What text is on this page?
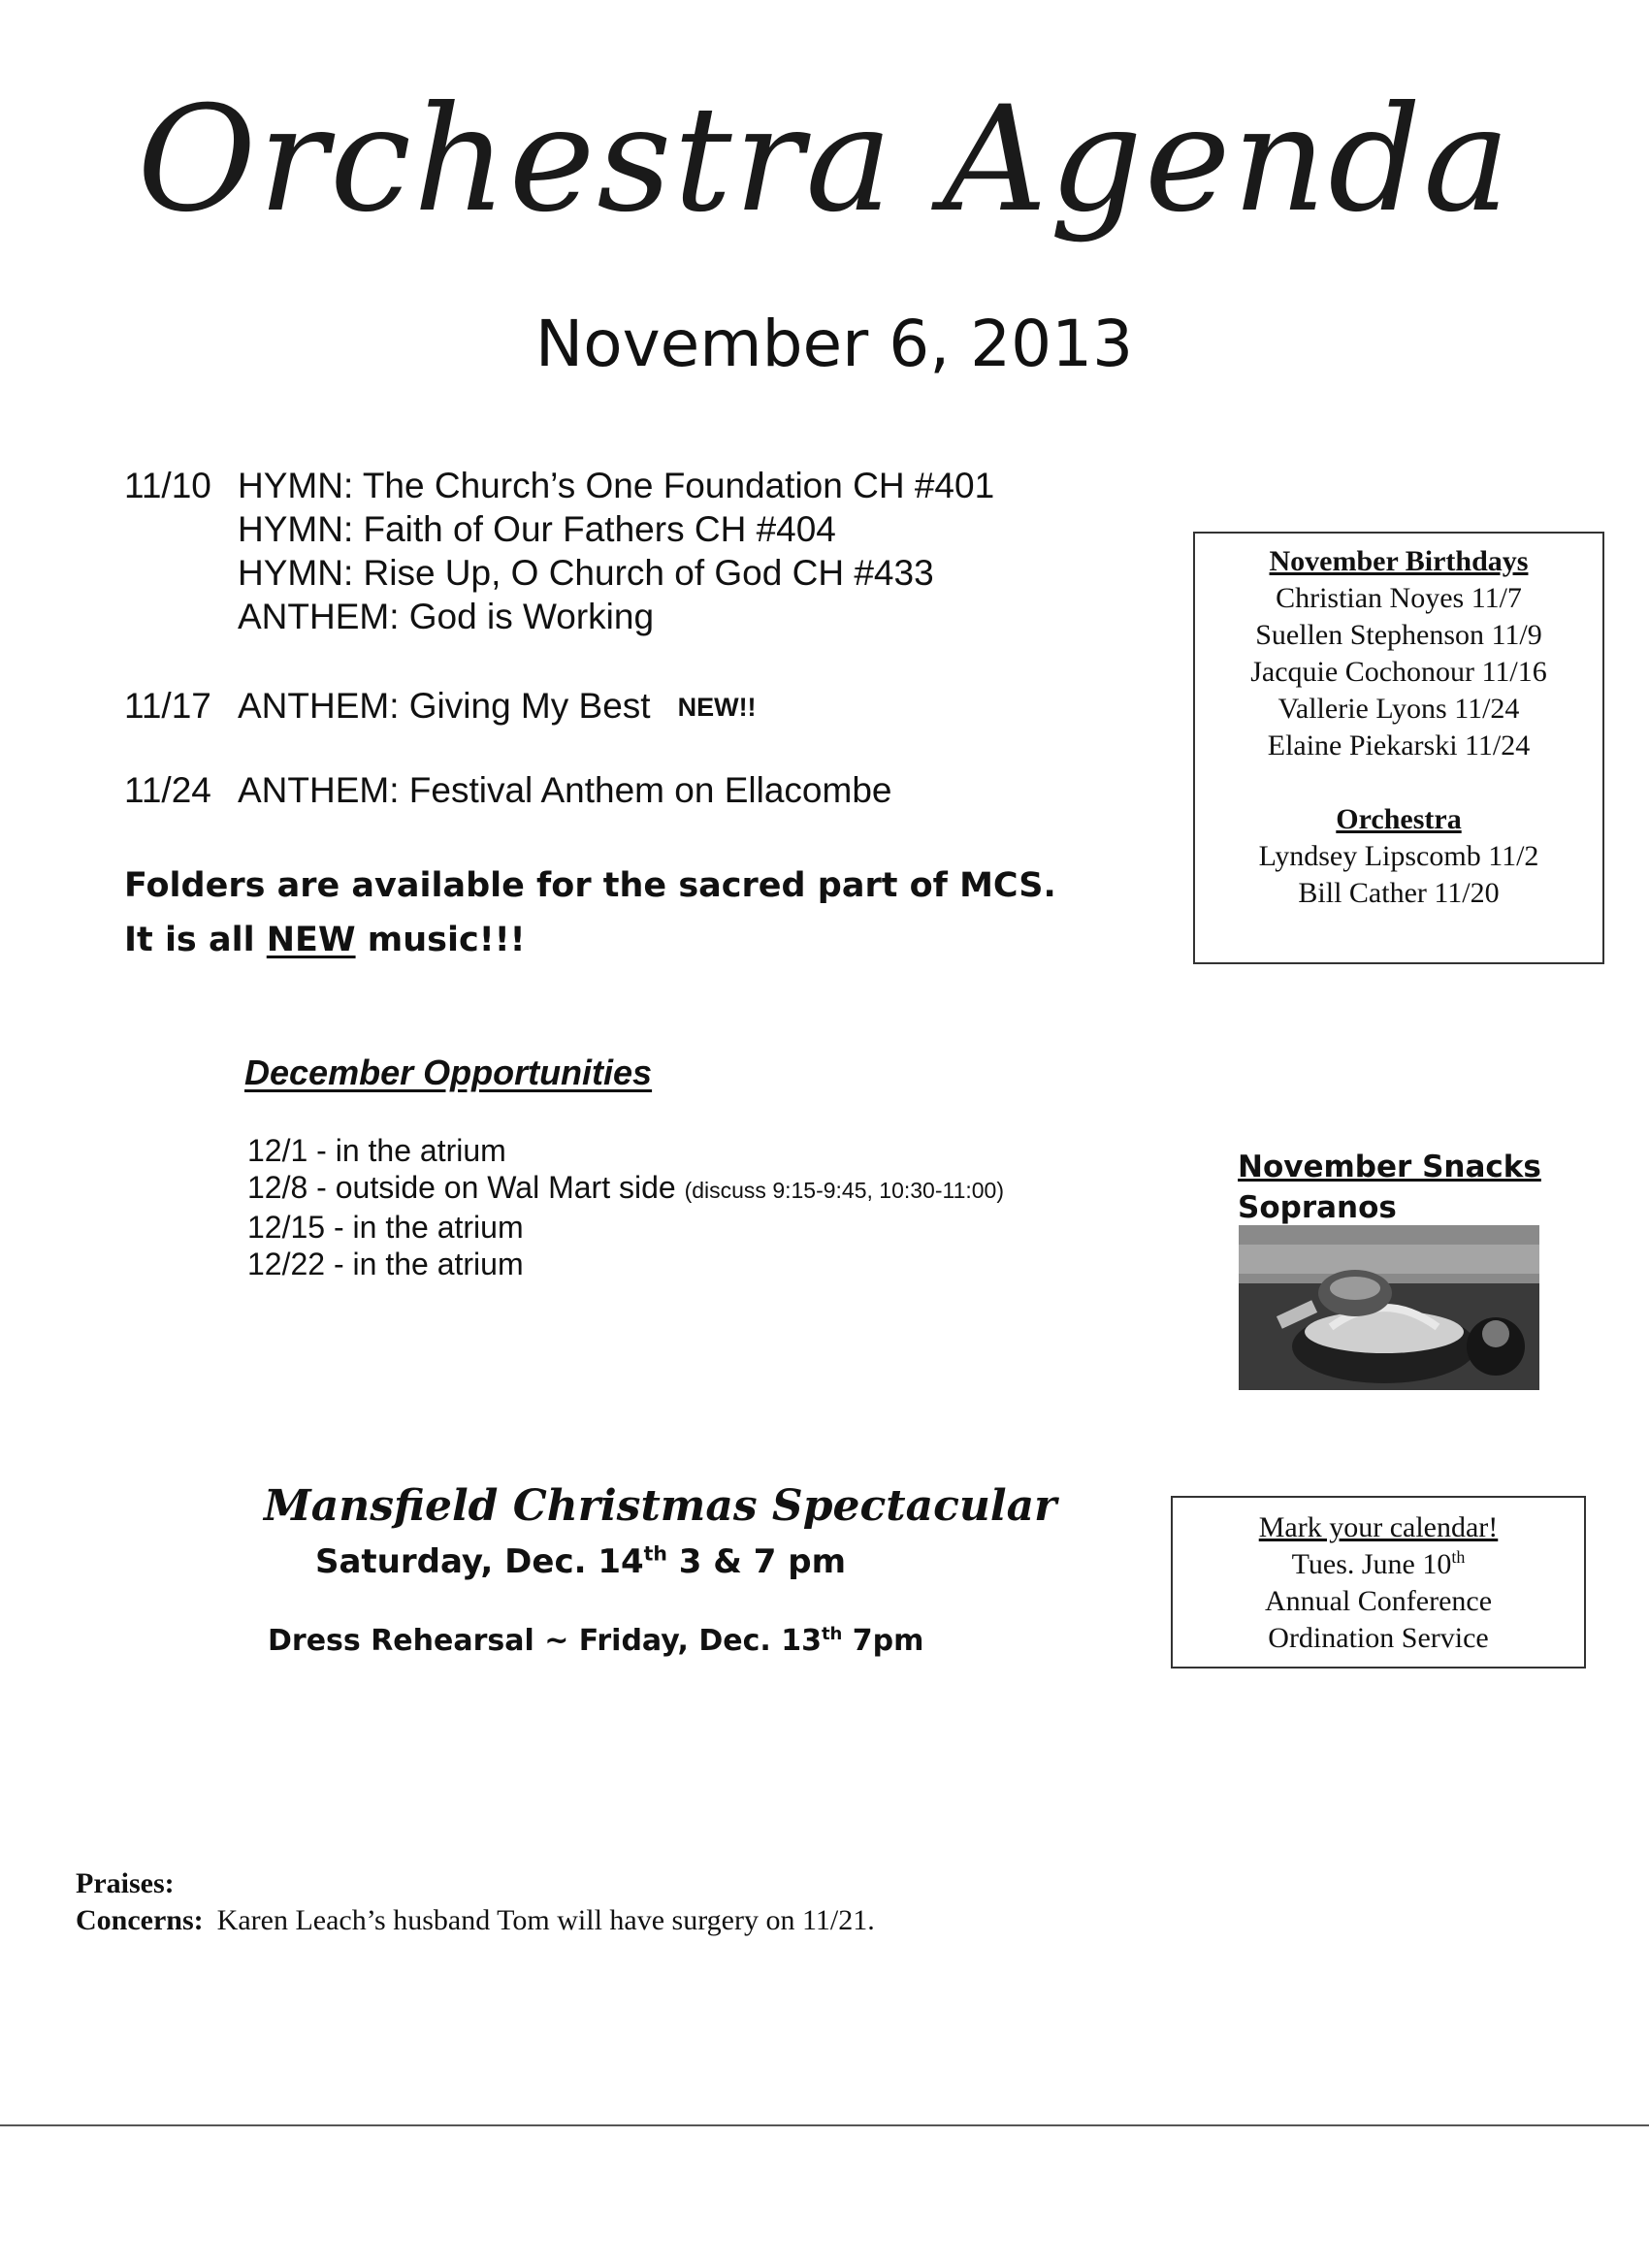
Orchestra Agenda
November 6, 2013
11/10 HYMN: The Church’s One Foundation CH #401
HYMN: Faith of Our Fathers CH #404
HYMN: Rise Up, O Church of God CH #433
ANTHEM: God is Working
11/17 ANTHEM: Giving My Best NEW!!
11/24 ANTHEM: Festival Anthem on Ellacombe
Folders are available for the sacred part of MCS.
It is all NEW music!!!
November Birthdays
Christian Noyes 11/7
Suellen Stephenson 11/9
Jacquie Cochonour 11/16
Vallerie Lyons 11/24
Elaine Piekarski 11/24
Orchestra
Lyndsey Lipscomb 11/2
Bill Cather 11/20
December Opportunities
12/1 - in the atrium
12/8 - outside on Wal Mart side (discuss 9:15-9:45, 10:30-11:00)
12/15 - in the atrium
12/22 - in the atrium
November Snacks
Sopranos
Mansfield Christmas Spectacular
Saturday, Dec. 14th 3 & 7 pm
Dress Rehearsal ~ Friday, Dec. 13th 7pm
Mark your calendar!
Tues. June 10th
Annual Conference
Ordination Service
Praises:
Concerns: Karen Leach’s husband Tom will have surgery on 11/21.
